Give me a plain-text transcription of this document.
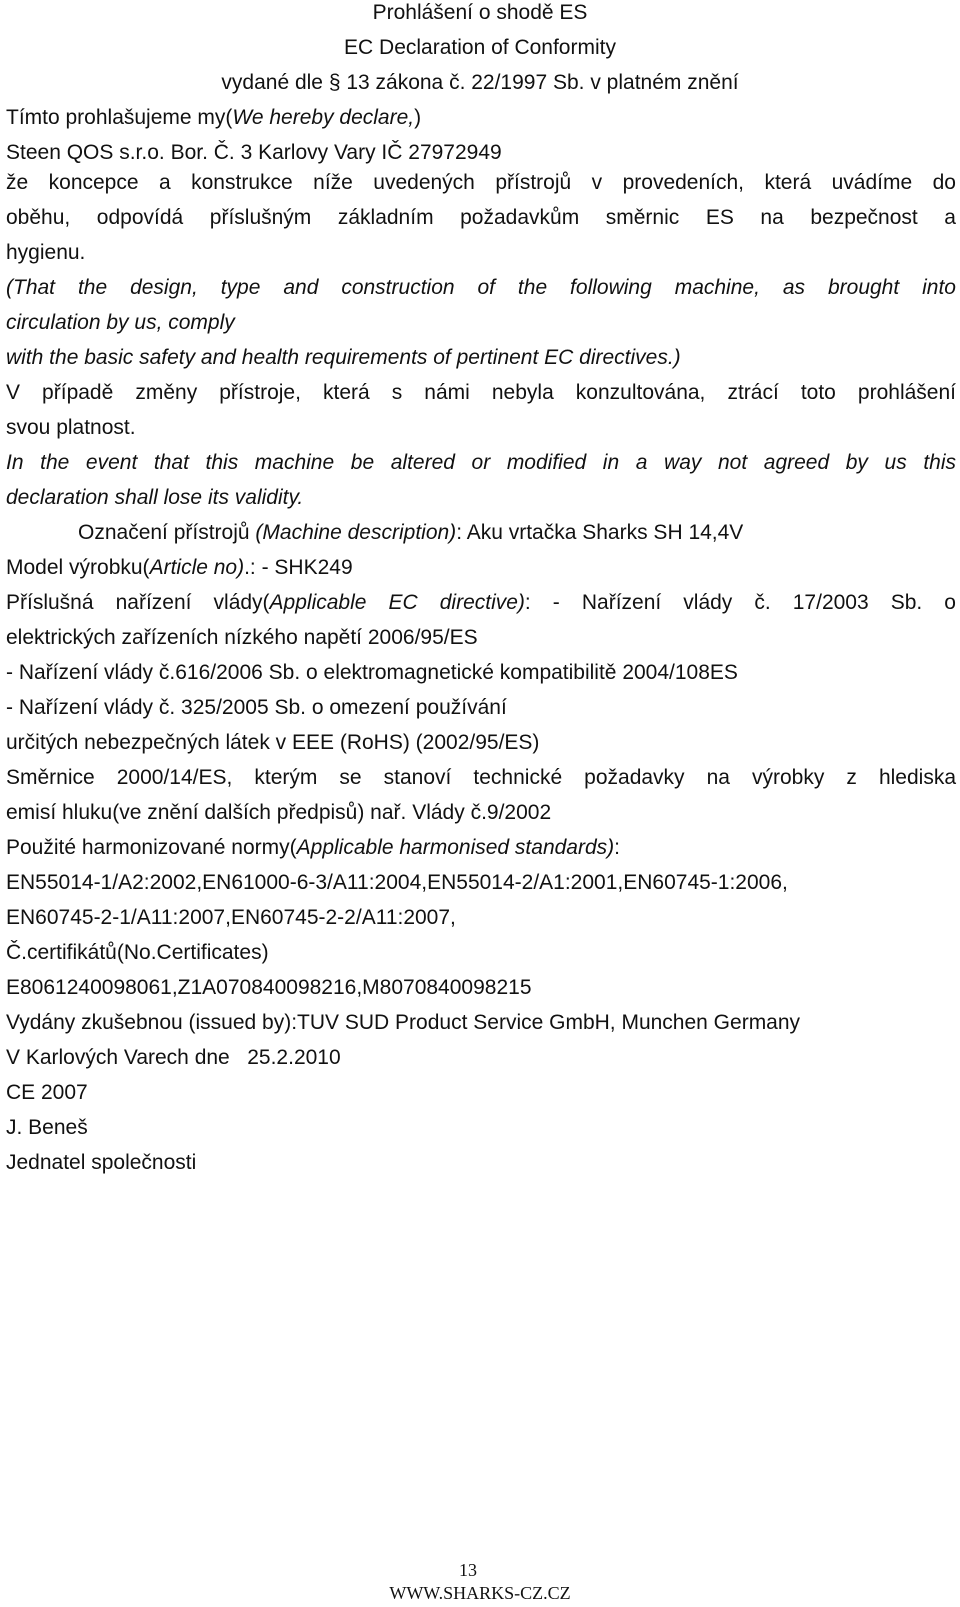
Prohlášení o shodě ES
EC Declaration of Conformity
vydané dle § 13 zákona č. 22/1997 Sb. v platném znění
Tímto prohlašujeme my(We hereby declare,)
Steen QOS s.r.o. Bor. Č. 3 Karlovy Vary IČ 27972949
že koncepce a konstrukce níže uvedených přístrojů v provedeních, která uvádíme do
oběhu, odpovídá příslušným základním požadavkům směrnic ES na bezpečnost a
hygienu.
(That the design, type and construction of the following machine, as brought into
circulation by us, comply
with the basic safety and health requirements of pertinent EC directives.)
V případě změny přístroje, která s námi nebyla konzultována, ztrácí toto prohlášení
svou platnost.
In the event that this machine be altered or modified in a way not agreed by us this
declaration shall lose its validity.
Označení přístrojů (Machine description): Aku vrtačka Sharks SH 14,4V
Model výrobku(Article no).: - SHK249
Příslušná nařízení vlády(Applicable EC directive): - Nařízení vlády č. 17/2003 Sb. o
elektrických zařízeních nízkého napětí 2006/95/ES
- Nařízení vlády č.616/2006 Sb. o elektromagnetické kompatibilitě 2004/108ES
- Nařízení vlády č. 325/2005 Sb. o omezení používání
určitých nebezpečných látek v EEE (RoHS) (2002/95/ES)
Směrnice 2000/14/ES, kterým se stanoví technické požadavky na výrobky z hlediska
emisí hluku(ve znění dalších předpisů) nař. Vlády č.9/2002
Použité harmonizované normy(Applicable harmonised standards):
EN55014-1/A2:2002,EN61000-6-3/A11:2004,EN55014-2/A1:2001,EN60745-1:2006,
EN60745-2-1/A11:2007,EN60745-2-2/A11:2007,
Č.certifikátů(No.Certificates)
E8061240098061,Z1A070840098216,M8070840098215
Vydány zkušebnou (issued by):TUV SUD Product Service GmbH, Munchen Germany
V Karlových Varech dne   25.2.2010
CE 2007
J. Beneš
Jednatel společnosti
13
WWW.SHARKS-CZ.CZ
